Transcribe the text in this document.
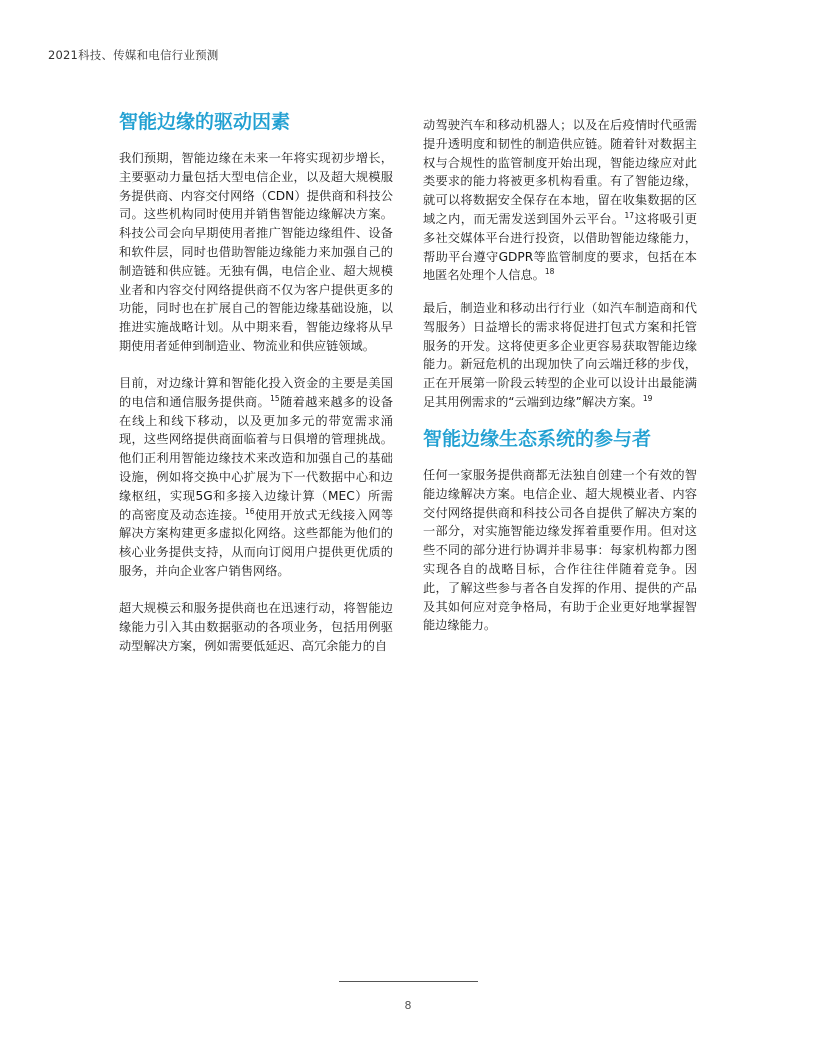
2021科技、传媒和电信行业预测
智能边缘的驱动因素

我们预期，智能边缘在未来一年将实现初步增长，主要驱动力量包括大型电信企业，以及超大规模服务提供商、内容交付网络（CDN）提供商和科技公司。这些机构同时使用并销售智能边缘解决方案。科技公司会向早期使用者推广智能边缘组件、设备和软件层，同时也借助智能边缘能力来加强自己的制造链和供应链。无独有偶，电信企业、超大规模业者和内容交付网络提供商不仅为客户提供更多的功能，同时也在扩展自己的智能边缘基础设施，以推进实施战略计划。从中期来看，智能边缘将从早期使用者延伸到制造业、物流业和供应链领域。

目前，对边缘计算和智能化投入资金的主要是美国的电信和通信服务提供商。$^{15}$随着越来越多的设备在线上和线下移动，以及更加多元的带宽需求涌现，这些网络提供商面临着与日俱增的管理挑战。他们正利用智能边缘技术来改造和加强自己的基础设施，例如将交换中心扩展为下一代数据中心和边缘枢纽，实现5G和多接入边缘计算（MEC）所需的高密度及动态连接。$^{16}$使用开放式无线接入网等解决方案构建更多虚拟化网络。这些都能为他们的核心业务提供支持，从而向订阅用户提供更优质的服务，并向企业客户销售网络。

超大规模云和服务提供商也在迅速行动，将智能边缘能力引入其由数据驱动的各项业务，包括用例驱动型解决方案，例如需要低延迟、高冗余能力的自

动驾驶汽车和移动机器人；以及在后疫情时代亟需提升透明度和韧性的制造供应链。随着针对数据主权与合规性的监管制度开始出现，智能边缘应对此类要求的能力将被更多机构看重。有了智能边缘，就可以将数据安全保存在本地，留在收集数据的区域之内，而无需发送到国外云平台。$^{17}$这将吸引更多社交媒体平台进行投资，以借助智能边缘能力，帮助平台遵守GDPR等监管制度的要求，包括在本地匿名处理个人信息。$^{18}$

最后，制造业和移动出行行业（如汽车制造商和代驾服务）日益增长的需求将促进打包式方案和托管服务的开发。这将使更多企业更容易获取智能边缘能力。新冠危机的出现加快了向云端迁移的步伐，正在开展第一阶段云转型的企业可以设计出最能满足其用例需求的“云端到边缘”解决方案。$^{19}$

智能边缘生态系统的参与者

任何一家服务提供商都无法独自创建一个有效的智能边缘解决方案。电信企业、超大规模业者、内容交付网络提供商和科技公司各自提供了解决方案的一部分，对实施智能边缘发挥着重要作用。但对这些不同的部分进行协调并非易事：每家机构都力图实现各自的战略目标，合作往往伴随着竞争。因此，了解这些参与者各自发挥的作用、提供的产品及其如何应对竞争格局，有助于企业更好地掌握智能边缘能力。

8
